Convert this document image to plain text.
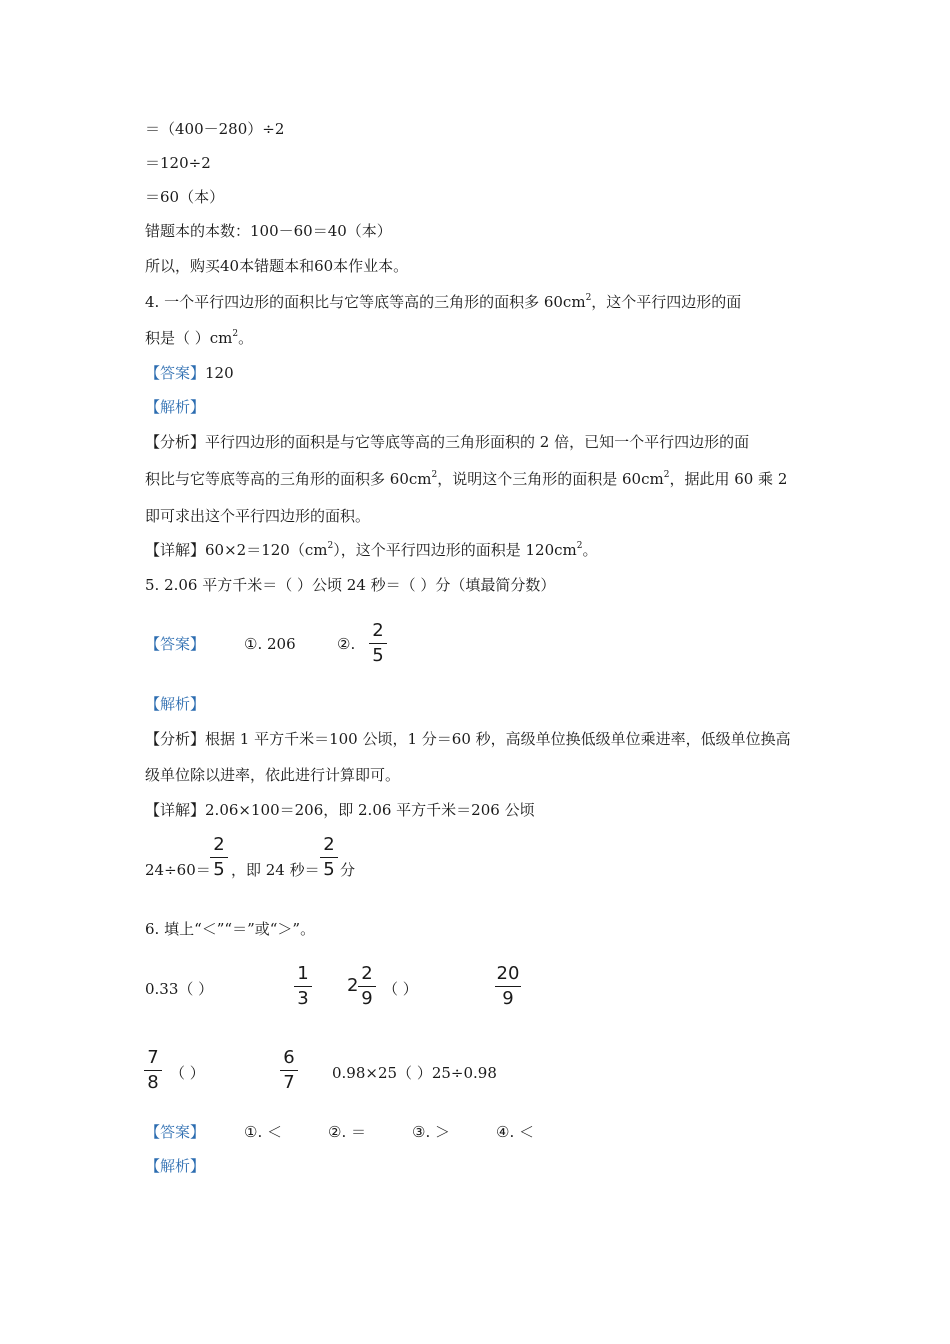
＝（400－280）÷2
＝120÷2
＝60（本）
错题本的本数：100－60＝40（本）
所以，购买40本错题本和60本作业本。
4. 一个平行四边形的面积比与它等底等高的三角形的面积多 $60cm^2$，这个平行四边形的面
积是（ ）$cm^2$。
【答案】120
【解析】
【分析】平行四边形的面积是与它等底等高的三角形面积的 2 倍，已知一个平行四边形的面
积比与它等底等高的三角形的面积多 $60cm^2$，说明这个三角形的面积是 $60cm^2$，据此用 60 乘 2
即可求出这个平行四边形的面积。
【详解】$60\times 2=120(cm^2)$，这个平行四边形的面积是 $120cm^2$。
5. 2.06 平方千米＝（ ）公顷 24 秒＝（ ）分（填最简分数）
【答案】	①. 206	②.
2
5
【解析】
【分析】根据 1 平方千米＝100 公顷，1 分＝60 秒，高级单位换低级单位乘进率，低级单位换高
级单位除以进率，依此进行计算即可。
【详解】2.06×100＝206，即 2.06 平方千米＝206 公顷
24÷60＝
2
5 ，即 24 秒＝
2
5 分
6. 填上“＜”“＝”或“＞”。
0.33（ ）
1
3
2
2
9 （ ）
20
9
7
8 （ ）
6
7 0.98×25（ ）25÷0.98
【答案】	①. ＜	②. ＝	③. ＞	④. ＜
【解析】
